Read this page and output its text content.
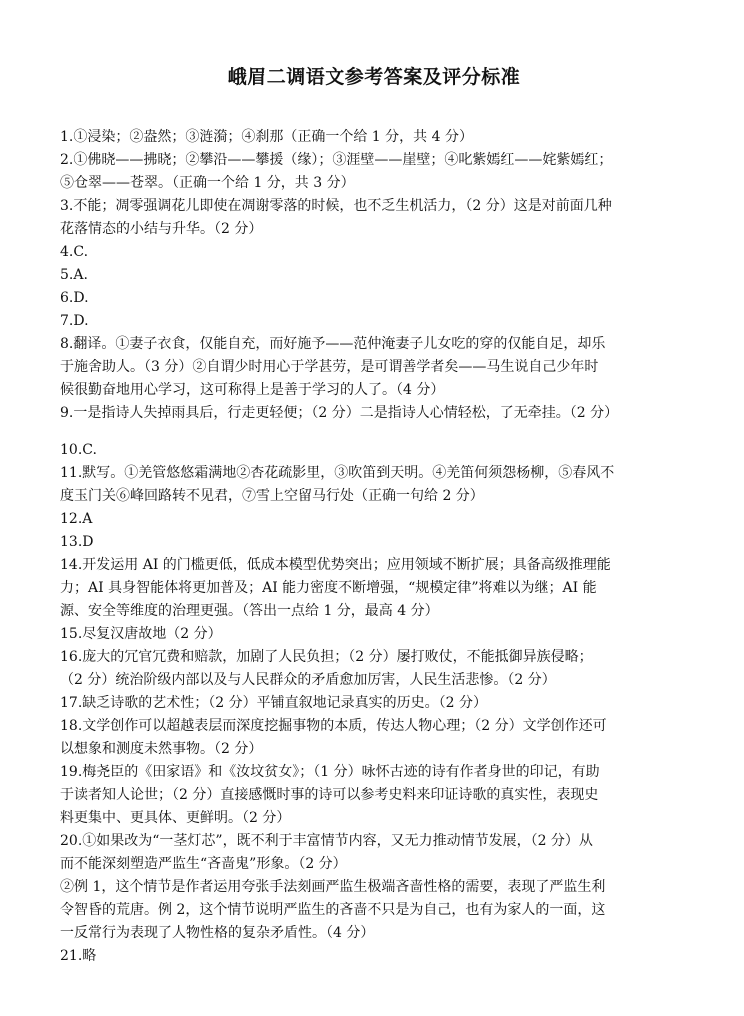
峨眉二调语文参考答案及评分标准
1.①浸染；②盎然；③涟漪；④刹那（正确一个给 1 分，共 4 分）
2.①佛晓——拂晓；②攀沿——攀援（缘）；③涯壁——崖壁；④叱紫嫣红——姹紫嫣红；
⑤仓翠——苍翠。（正确一个给 1 分，共 3 分）
3.不能；凋零强调花儿即使在凋谢零落的时候，也不乏生机活力，（2 分）这是对前面几种
花落情态的小结与升华。（2 分）
4.C.
5.A.
6.D.
7.D.
8.翻译。①妻子衣食，仅能自充，而好施予——范仲淹妻子儿女吃的穿的仅能自足，却乐
于施舍助人。（3 分）②自谓少时用心于学甚劳，是可谓善学者矣——马生说自己少年时
候很勤奋地用心学习，这可称得上是善于学习的人了。（4 分）
9.一是指诗人失掉雨具后，行走更轻便；（2 分）二是指诗人心情轻松，了无牵挂。（2 分）
10.C.
11.默写。①羌管悠悠霜满地②杏花疏影里，③吹笛到天明。④羌笛何须怨杨柳，⑤春风不
度玉门关⑥峰回路转不见君，⑦雪上空留马行处（正确一句给 2 分）
12.A
13.D
14.开发运用 AI 的门槛更低，低成本模型优势突出；应用领域不断扩展；具备高级推理能
力；AI 具身智能体将更加普及；AI 能力密度不断增强，“规模定律”将难以为继；AI 能
源、安全等维度的治理更强。（答出一点给 1 分，最高 4 分）
15.尽复汉唐故地（2 分）
16.庞大的冗官冗费和赔款，加剧了人民负担；（2 分）屡打败仗，不能抵御异族侵略；
（2 分）统治阶级内部以及与人民群众的矛盾愈加厉害，人民生活悲惨。（2 分）
17.缺乏诗歌的艺术性；（2 分）平铺直叙地记录真实的历史。（2 分）
18.文学创作可以超越表层而深度挖掘事物的本质，传达人物心理；（2 分）文学创作还可
以想象和测度未然事物。（2 分）
19.梅尧臣的《田家语》和《汝坟贫女》；（1 分）咏怀古迹的诗有作者身世的印记，有助
于读者知人论世；（2 分）直接感慨时事的诗可以参考史料来印证诗歌的真实性，表现史
料更集中、更具体、更鲜明。（2 分）
20.①如果改为“一茎灯芯”，既不利于丰富情节内容，又无力推动情节发展，（2 分）从
而不能深刻塑造严监生“吝啬鬼”形象。（2 分）
②例 1，这个情节是作者运用夸张手法刻画严监生极端吝啬性格的需要，表现了严监生利
令智昏的荒唐。例 2，这个情节说明严监生的吝啬不只是为自己，也有为家人的一面，这
一反常行为表现了人物性格的复杂矛盾性。（4 分）
21.略
